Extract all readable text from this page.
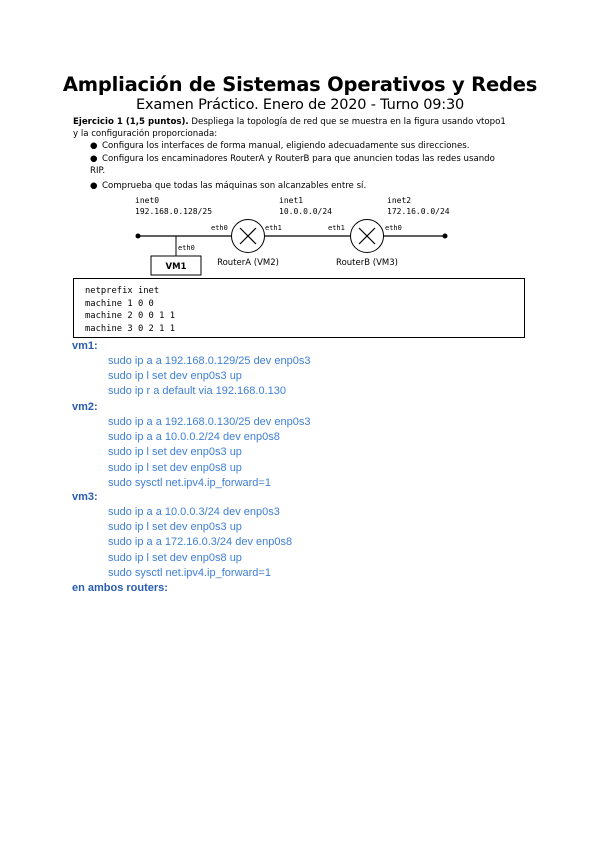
Ampliación de Sistemas Operativos y Redes
Examen Práctico. Enero de 2020 - Turno 09:30
Ejercicio 1 (1,5 puntos). Despliega la topología de red que se muestra en la figura usando vtopo1
y la configuración proporcionada:
● Configura los interfaces de forma manual, eligiendo adecuadamente sus direcciones.
● Configura los encaminadores RouterA y RouterB para que anuncien todas las redes usando
RIP.
● Comprueba que todas las máquinas son alcanzables entre sí.
inet0
192.168.0.128/25
inet1
10.0.0.0/24
inet2
172.16.0.0/24
eth0
VM1
eth0	eth1
RouterA (VM2)
eth1	eth0
RouterB (VM3)
netprefix inet
machine 1 0 0
machine 2 0 0 1 1
machine 3 0 2 1 1
vm1:
sudo ip a a 192.168.0.129/25 dev enp0s3
sudo ip l set dev enp0s3 up
sudo ip r a default via 192.168.0.130
vm2:
sudo ip a a 192.168.0.130/25 dev enp0s3
sudo ip a a 10.0.0.2/24 dev enp0s8
sudo ip l set dev enp0s3 up
sudo ip l set dev enp0s8 up
sudo sysctl net.ipv4.ip_forward=1
vm3:
sudo ip a a 10.0.0.3/24 dev enp0s3
sudo ip l set dev enp0s3 up
sudo ip a a 172.16.0.3/24 dev enp0s8
sudo ip l set dev enp0s8 up
sudo sysctl net.ipv4.ip_forward=1
en ambos routers:
